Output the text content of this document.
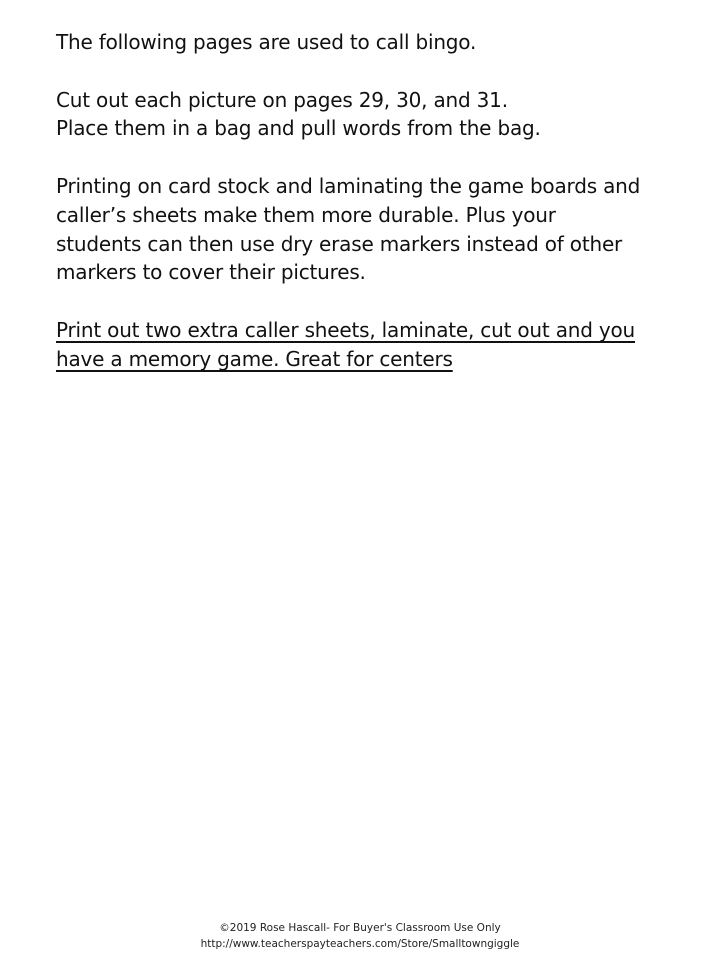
The following pages are used to call bingo.

Cut out each picture on pages 29, 30, and 31.
Place them in a bag and pull words from the bag.

Printing on card stock and laminating the game boards and
caller’s sheets make them more durable. Plus your
students can then use dry erase markers instead of other
markers to cover their pictures.

Print out two extra caller sheets, laminate, cut out and you
have a memory game. Great for centers

©2019 Rose Hascall- For Buyer's Classroom Use Only
http://www.teacherspayteachers.com/Store/Smalltowngiggle
